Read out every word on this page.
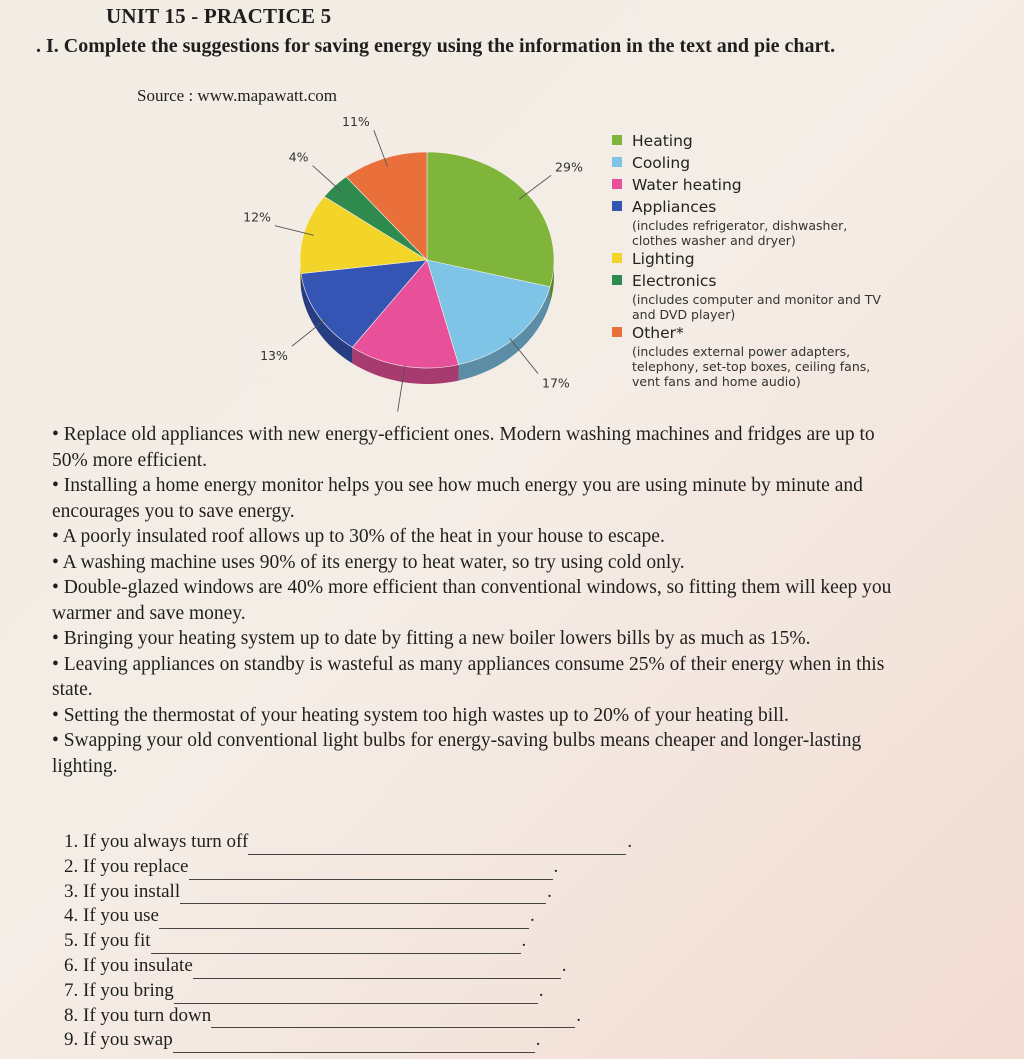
UNIT 15 - PRACTICE 5
. I. Complete the suggestions for saving energy using the information in the text and pie chart.
Source : www.mapawatt.com
29%
17%
13%
12%
4%
11%
Heating
Cooling
Water heating
Appliances
(includes refrigerator, dishwasher, clothes washer and dryer)
Lighting
Electronics
(includes computer and monitor and TV and DVD player)
Other*
(includes external power adapters, telephony, set-top boxes, ceiling fans, vent fans and home audio)

• Replace old appliances with new energy-efficient ones. Modern washing machines and fridges are up to 50% more efficient.

• Installing a home energy monitor helps you see how much energy you are using minute by minute and encourages you to save energy.

• A poorly insulated roof allows up to 30% of the heat in your house to escape.

• A washing machine uses 90% of its energy to heat water, so try using cold only.

• Double-glazed windows are 40% more efficient than conventional windows, so fitting them will keep you warmer and save money.

• Bringing your heating system up to date by fitting a new boiler lowers bills by as much as 15%.

• Leaving appliances on standby is wasteful as many appliances consume 25% of their energy when in this state.

• Setting the thermostat of your heating system too high wastes up to 20% of your heating bill.

• Swapping your old conventional light bulbs for energy-saving bulbs means cheaper and longer-lasting lighting.

1. If you always turn off	.
2. If you replace	.
3. If you install	.
4. If you use	.
5. If you fit	.
6. If you insulate	.
7. If you bring	.
8. If you turn down	.
9. If you swap	.
